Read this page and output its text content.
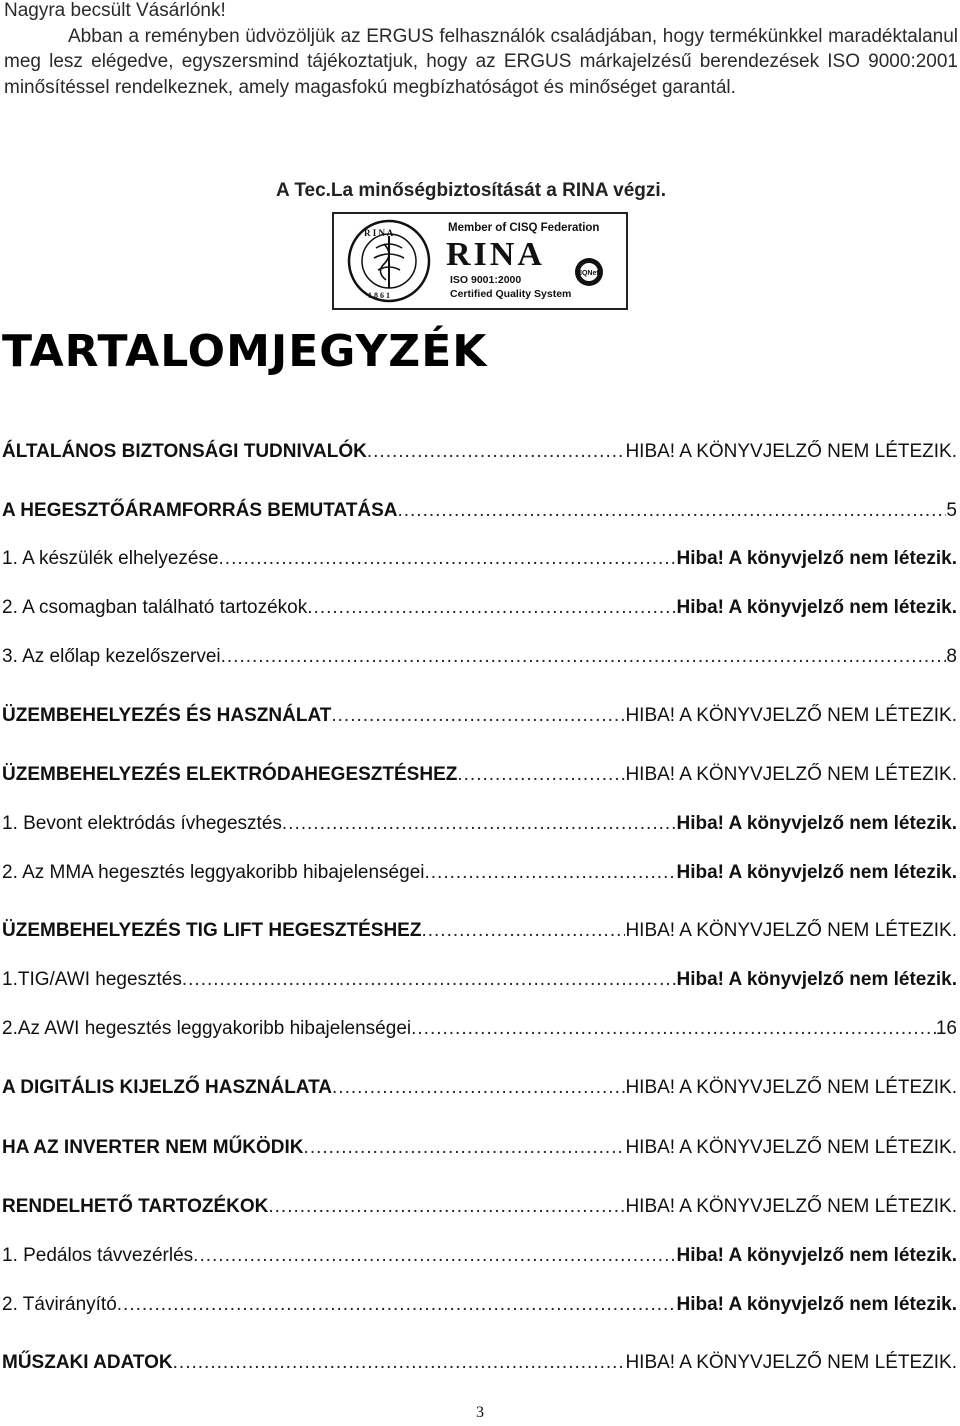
Nagyra becsült Vásárlónk!

Abban a reményben üdvözöljük az ERGUS felhasználók családjában, hogy termékünkkel maradéktalanul meg lesz elégedve, egyszersmind tájékoztatjuk, hogy az ERGUS márkajelzésű berendezések ISO 9000:2001 minősítéssel rendelkeznek, amely magasfokú megbízhatóságot és minőséget garantál.

A Tec.La minőségbiztosítását a RINA végzi.
R I N A
1 8 6 1
IQNet
Member of CISQ Federation
RINA
ISO 9001:2000
Certified Quality System
TARTALOMJEGYZÉK
ÁLTALÁNOS BIZTONSÁGI TUDNIVALÓK .....	HIBA! A KÖNYVJELZŐ NEM LÉTEZIK.
A HEGESZTŐÁRAMFORRÁS BEMUTATÁSA .....	5
1. A készülék elhelyezése .....	Hiba! A könyvjelző nem létezik.
2. A csomagban található tartozékok .....	Hiba! A könyvjelző nem létezik.
3. Az előlap kezelőszervei .....	8
ÜZEMBEHELYEZÉS ÉS HASZNÁLAT .....	HIBA! A KÖNYVJELZŐ NEM LÉTEZIK.
ÜZEMBEHELYEZÉS ELEKTRÓDAHEGESZTÉSHEZ .....	HIBA! A KÖNYVJELZŐ NEM LÉTEZIK.
1. Bevont elektródás ívhegesztés .....	Hiba! A könyvjelző nem létezik.
2. Az MMA hegesztés leggyakoribb hibajelenségei .....	Hiba! A könyvjelző nem létezik.
ÜZEMBEHELYEZÉS TIG LIFT HEGESZTÉSHEZ .....	HIBA! A KÖNYVJELZŐ NEM LÉTEZIK.
1.TIG/AWI hegesztés .....	Hiba! A könyvjelző nem létezik.
2.Az AWI hegesztés leggyakoribb hibajelenségei .....	16
A DIGITÁLIS KIJELZŐ HASZNÁLATA .....	HIBA! A KÖNYVJELZŐ NEM LÉTEZIK.
HA AZ INVERTER NEM MŰKÖDIK .....	HIBA! A KÖNYVJELZŐ NEM LÉTEZIK.
RENDELHETŐ TARTOZÉKOK .....	HIBA! A KÖNYVJELZŐ NEM LÉTEZIK.
1. Pedálos távvezérlés .....	Hiba! A könyvjelző nem létezik.
2. Távirányító .....	Hiba! A könyvjelző nem létezik.
MŰSZAKI ADATOK .....	HIBA! A KÖNYVJELZŐ NEM LÉTEZIK.
3
